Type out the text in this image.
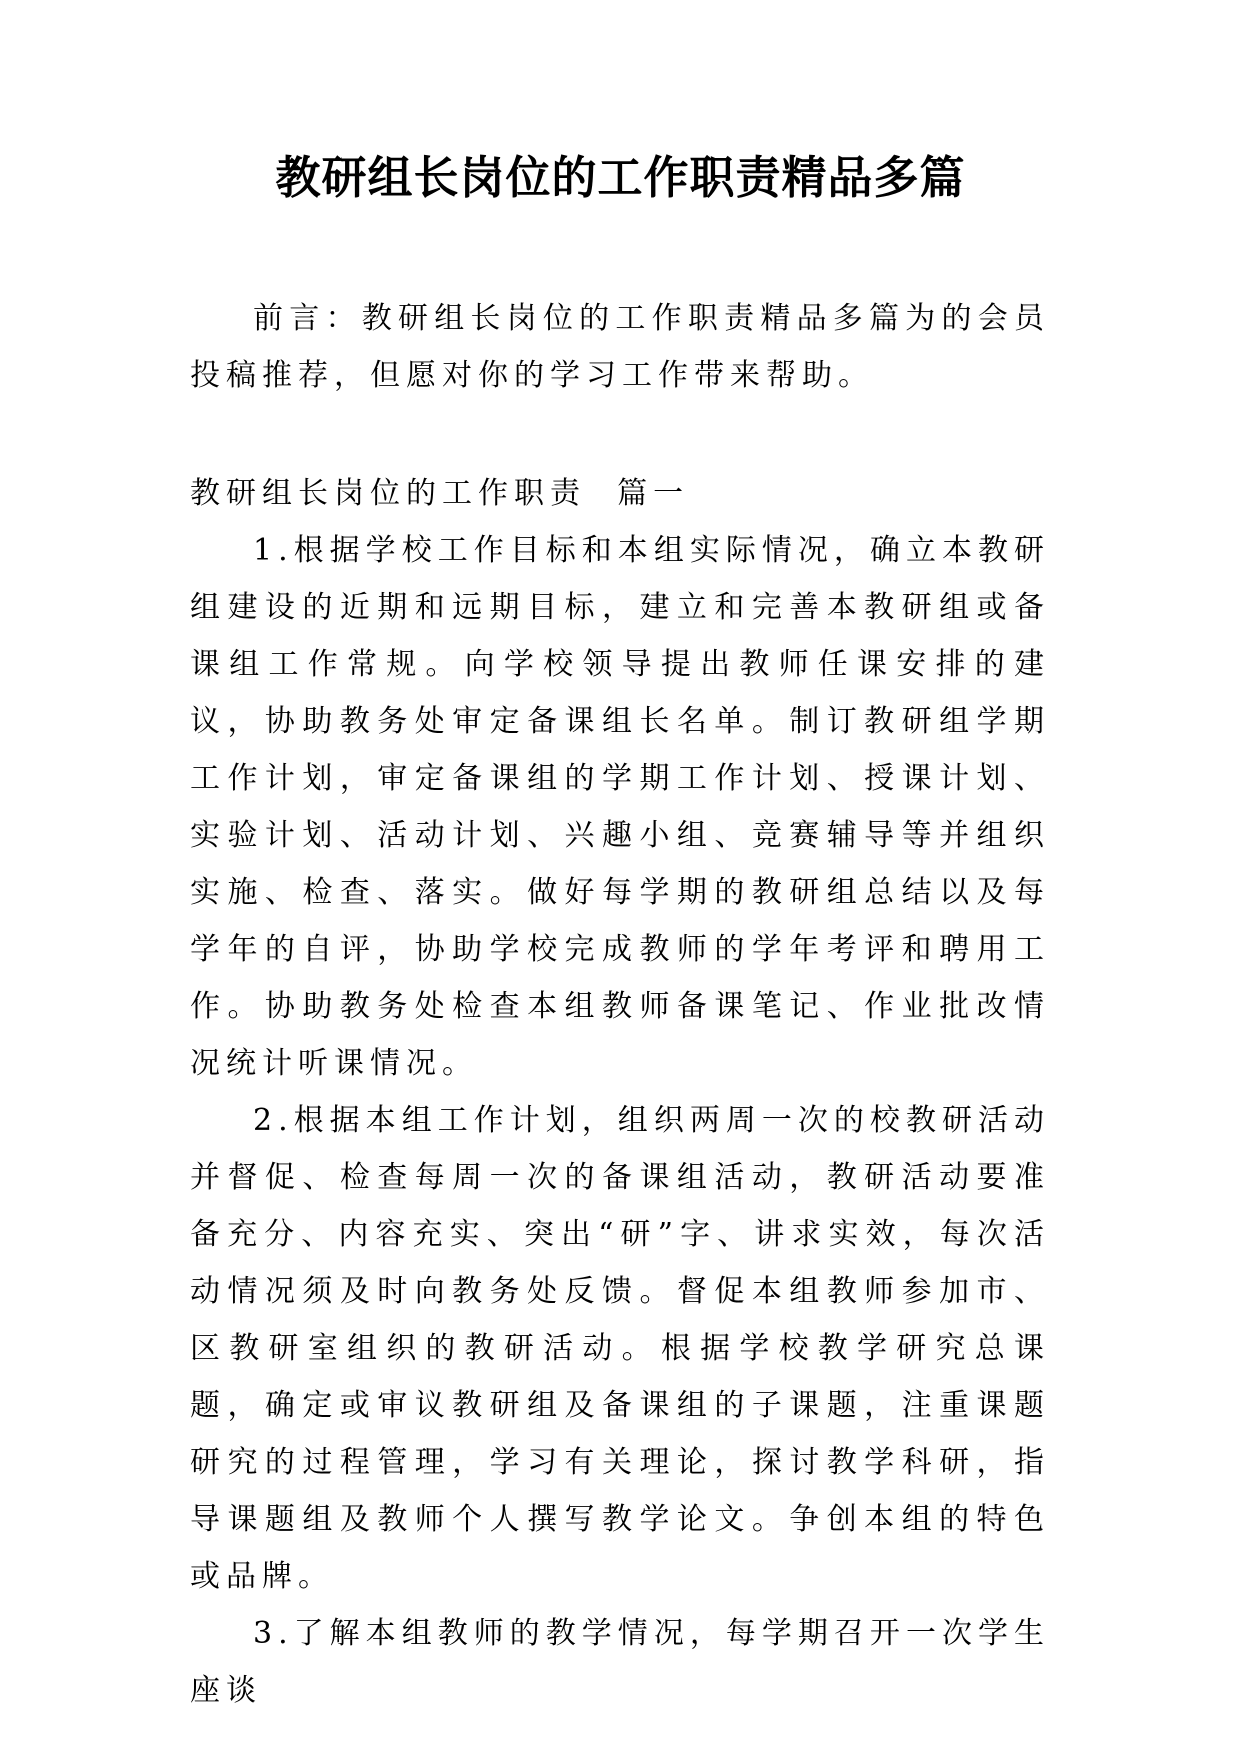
教研组长岗位的工作职责精品多篇

前言：教研组长岗位的工作职责精品多篇为的会员投稿推荐，但愿对你的学习工作带来帮助。

教研组长岗位的工作职责  篇一

1.根据学校工作目标和本组实际情况，确立本教研组建设的近期和远期目标，建立和完善本教研组或备课组工作常规。向学校领导提出教师任课安排的建议，协助教务处审定备课组长名单。制订教研组学期工作计划，审定备课组的学期工作计划、授课计划、实验计划、活动计划、兴趣小组、竞赛辅导等并组织实施、检查、落实。做好每学期的教研组总结以及每学年的自评，协助学校完成教师的学年考评和聘用工作。协助教务处检查本组教师备课笔记、作业批改情况统计听课情况。

2.根据本组工作计划，组织两周一次的校教研活动并督促、检查每周一次的备课组活动，教研活动要准备充分、内容充实、突出“研”字、讲求实效，每次活动情况须及时向教务处反馈。督促本组教师参加市、区教研室组织的教研活动。根据学校教学研究总课题，确定或审议教研组及备课组的子课题，注重课题研究的过程管理，学习有关理论，探讨教学科研，指导课题组及教师个人撰写教学论文。争创本组的特色或品牌。

3.了解本组教师的教学情况，每学期召开一次学生座谈
